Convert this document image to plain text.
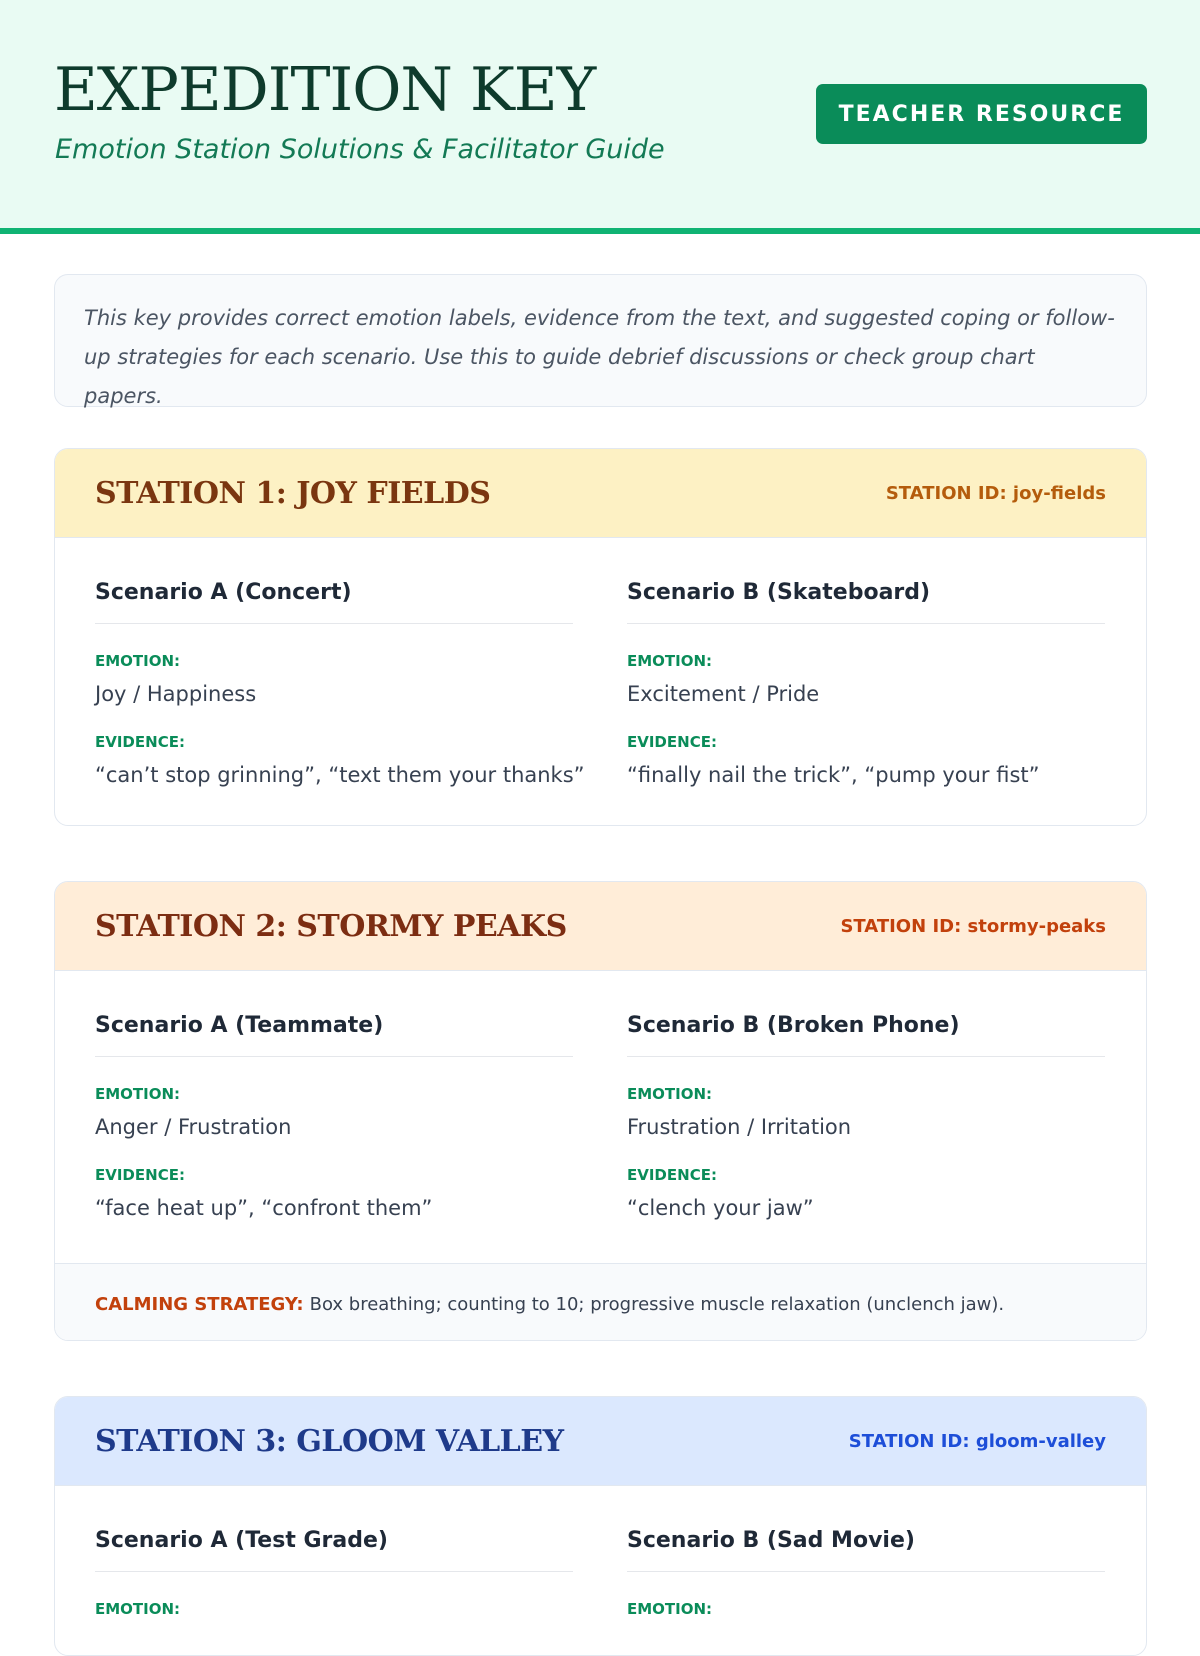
EXPEDITION KEY
Emotion Station Solutions & Facilitator Guide
TEACHER RESOURCE
This key provides correct emotion labels, evidence from the text, and suggested coping or follow-up strategies for each scenario. Use this to guide debrief discussions or check group chart papers.
STATION 1: JOY FIELDS	STATION ID: joy-fields
Scenario A (Concert)
EMOTION:
Joy / Happiness
EVIDENCE:
“can’t stop grinning”, “text them your thanks”
Scenario B (Skateboard)
EMOTION:
Excitement / Pride
EVIDENCE:
“finally nail the trick”, “pump your fist”
STATION 2: STORMY PEAKS	STATION ID: stormy-peaks
Scenario A (Teammate)
EMOTION:
Anger / Frustration
EVIDENCE:
“face heat up”, “confront them”
Scenario B (Broken Phone)
EMOTION:
Frustration / Irritation
EVIDENCE:
“clench your jaw”
CALMING STRATEGY: Box breathing; counting to 10; progressive muscle relaxation (unclench jaw).
STATION 3: GLOOM VALLEY	STATION ID: gloom-valley
Scenario A (Test Grade)
EMOTION:
Scenario B (Sad Movie)
EMOTION:
